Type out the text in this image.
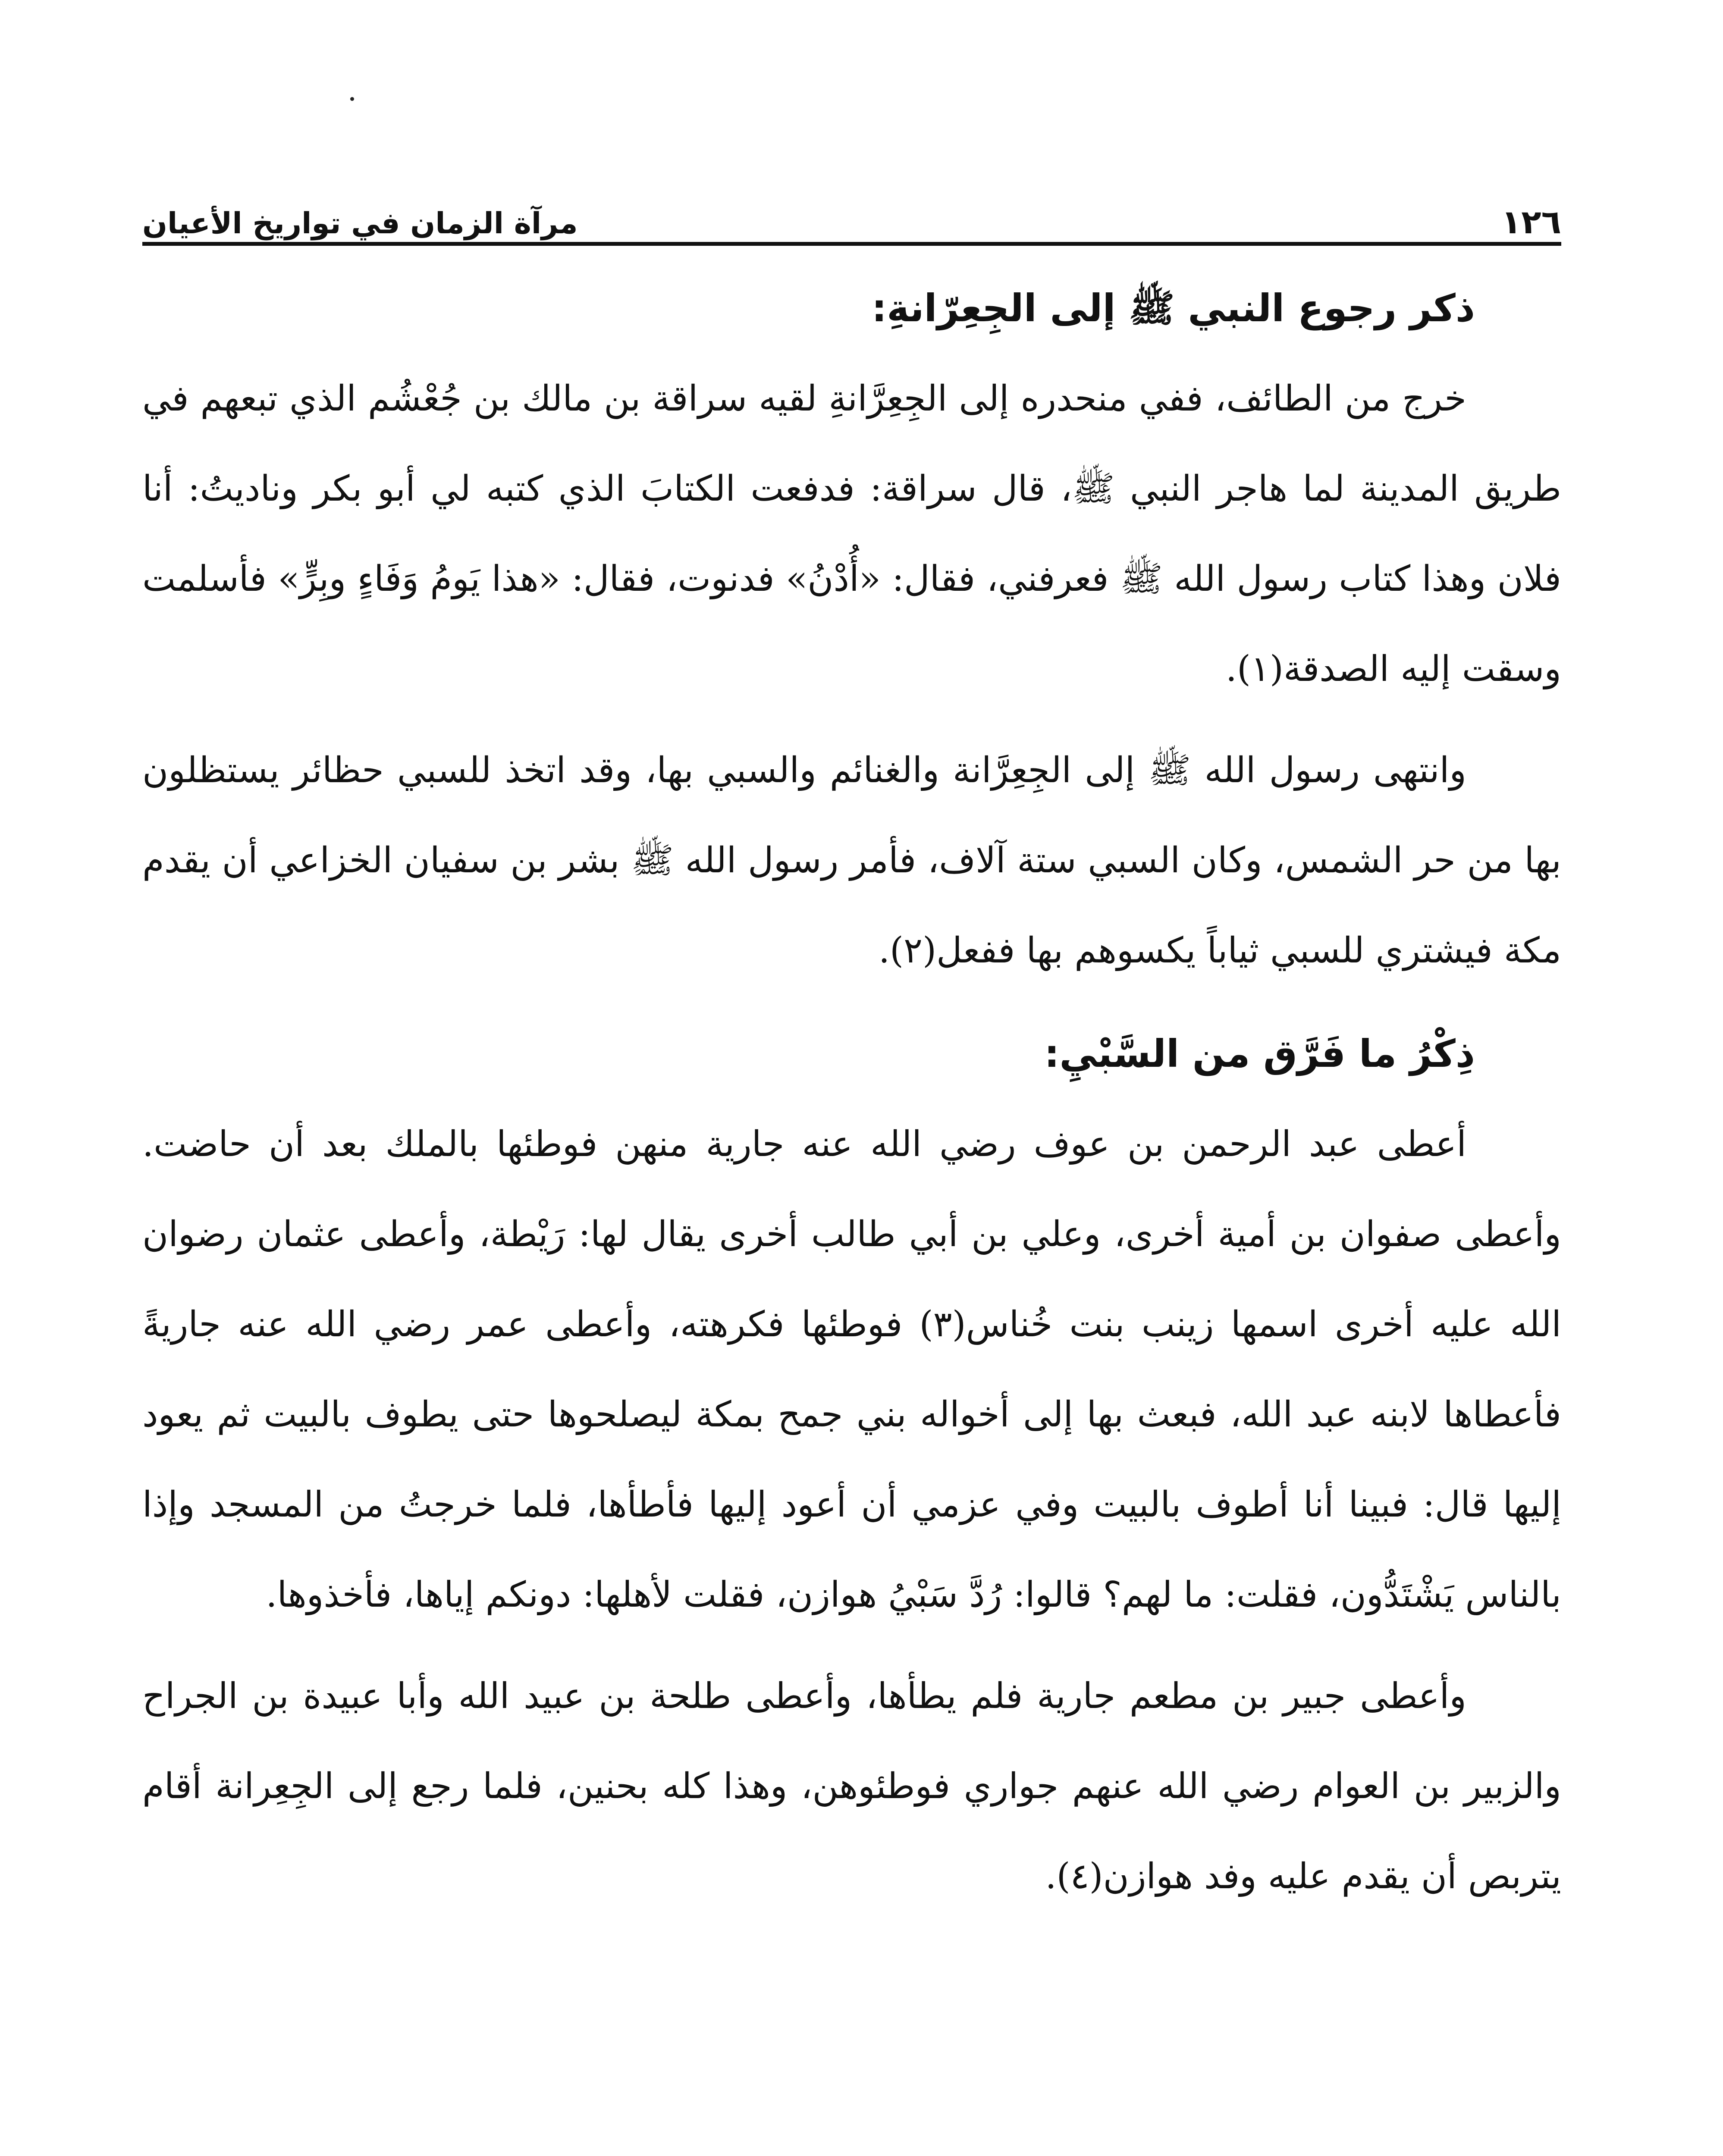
١٢٦
مرآة الزمان في تواريخ الأعيان
ذكر رجوع النبي ﷺ إلى الجِعِرّانةِ:

خرج من الطائف، ففي منحدره إلى الجِعِرَّانةِ لقيه سراقة بن مالك بن جُعْشُم الذي تبعهم في طريق المدينة لما هاجر النبي ﷺ، قال سراقة: فدفعت الكتابَ الذي كتبه لي أبو بكر وناديتُ: أنا فلان وهذا كتاب رسول الله ﷺ فعرفني، فقال: «أُدْنُ» فدنوت، فقال: «هذا يَومُ وَفَاءٍ وبِرٍّ» فأسلمت وسقت إليه الصدقة(١).

وانتهى رسول الله ﷺ إلى الجِعِرَّانة والغنائم والسبي بها، وقد اتخذ للسبي حظائر يستظلون بها من حر الشمس، وكان السبي ستة آلاف، فأمر رسول الله ﷺ بشر بن سفيان الخزاعي أن يقدم مكة فيشتري للسبي ثياباً يكسوهم بها ففعل(٢).

ذِكْرُ ما فَرَّق من السَّبْيِ:

أعطى عبد الرحمن بن عوف رضي الله عنه جارية منهن فوطئها بالملك بعد أن حاضت. وأعطى صفوان بن أمية أخرى، وعلي بن أبي طالب أخرى يقال لها: رَيْطة، وأعطى عثمان رضوان الله عليه أخرى اسمها زينب بنت خُناس(٣) فوطئها فكرهته، وأعطى عمر رضي الله عنه جاريةً فأعطاها لابنه عبد الله، فبعث بها إلى أخواله بني جمح بمكة ليصلحوها حتى يطوف بالبيت ثم يعود إليها قال: فبينا أنا أطوف بالبيت وفي عزمي أن أعود إليها فأطأها، فلما خرجتُ من المسجد وإذا بالناس يَشْتَدُّون، فقلت: ما لهم؟ قالوا: رُدَّ سَبْيُ هوازن، فقلت لأهلها: دونكم إياها، فأخذوها.

وأعطى جبير بن مطعم جارية فلم يطأها، وأعطى طلحة بن عبيد الله وأبا عبيدة بن الجراح والزبير بن العوام رضي الله عنهم جواري فوطئوهن، وهذا كله بحنين، فلما رجع إلى الجِعِرانة أقام يتربص أن يقدم عليه وفد هوازن(٤).
